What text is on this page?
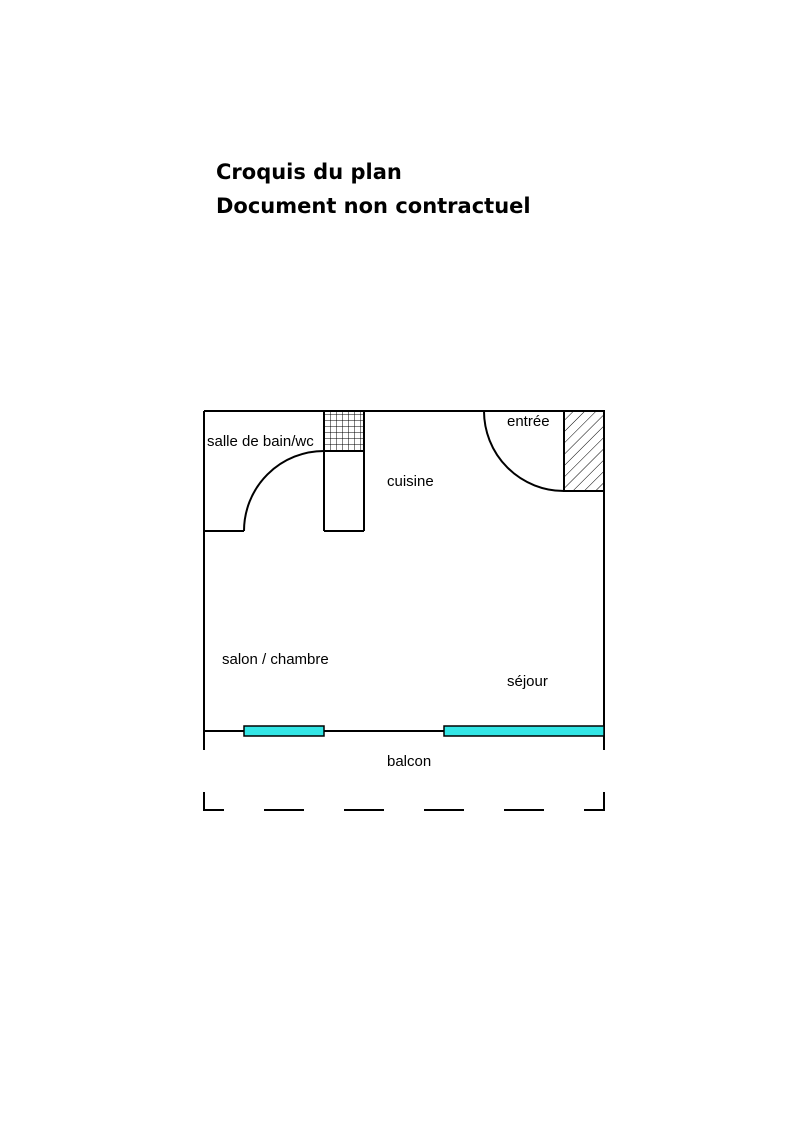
Croquis du plan
Document non contractuel
salle de bain/wc
cuisine
entrée
salon / chambre
séjour
balcon
